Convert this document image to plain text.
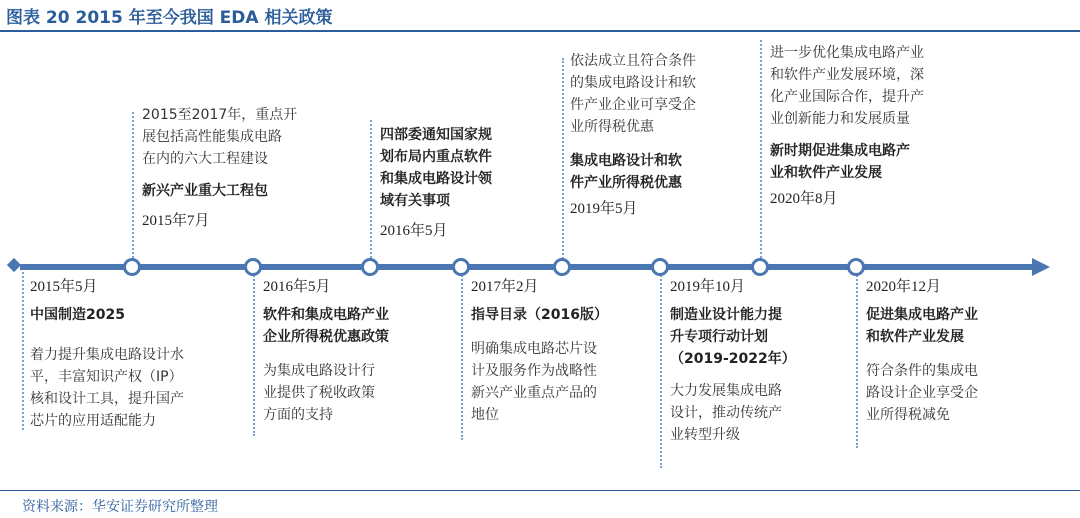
图表 20 2015 年至今我国 EDA 相关政策
2015年5月
中国制造2025
着力提升集成电路设计水
平，丰富知识产权（IP）
核和设计工具，提升国产
芯片的应用适配能力
2015至2017年，重点开
展包括高性能集成电路
在内的六大工程建设
新兴产业重大工程包
2015年7月
2016年5月
软件和集成电路产业
企业所得税优惠政策
为集成电路设计行
业提供了税收政策
方面的支持
四部委通知国家规
划布局内重点软件
和集成电路设计领
域有关事项
2016年5月
2017年2月
指导目录（2016版）
明确集成电路芯片设
计及服务作为战略性
新兴产业重点产品的
地位
依法成立且符合条件
的集成电路设计和软
件产业企业可享受企
业所得税优惠
集成电路设计和软
件产业所得税优惠
2019年5月
2019年10月
制造业设计能力提
升专项行动计划
（2019-2022年）
大力发展集成电路
设计，推动传统产
业转型升级
进一步优化集成电路产业
和软件产业发展环境，深
化产业国际合作，提升产
业创新能力和发展质量
新时期促进集成电路产
业和软件产业发展
2020年8月
2020年12月
促进集成电路产业
和软件产业发展
符合条件的集成电
路设计企业享受企
业所得税减免
资料来源：华安证券研究所整理
